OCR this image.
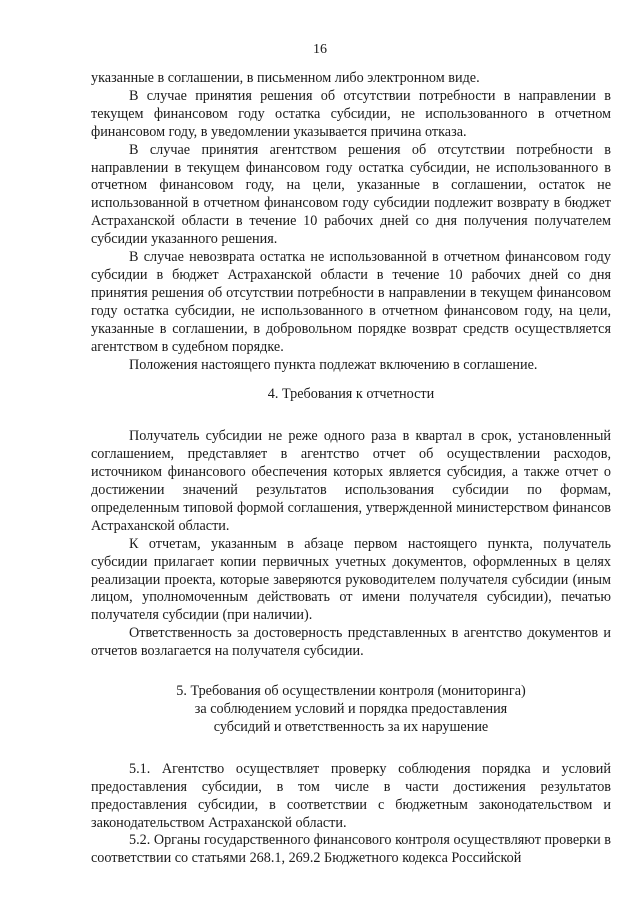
16

указанные в соглашении, в письменном либо электронном виде.

В случае принятия решения об отсутствии потребности в направлении в текущем финансовом году остатка субсидии, не использованного в отчетном финансовом году, в уведомлении указывается причина отказа.

В случае принятия агентством решения об отсутствии потребности в направлении в текущем финансовом году остатка субсидии, не использованного в отчетном финансовом году, на цели, указанные в соглашении, остаток не использованной в отчетном финансовом году субсидии подлежит возврату в бюджет Астраханской области в течение 10 рабочих дней со дня получения получателем субсидии указанного решения.

В случае невозврата остатка не использованной в отчетном финансовом году субсидии в бюджет Астраханской области в течение 10 рабочих дней со дня принятия решения об отсутствии потребности в направлении в текущем финансовом году остатка субсидии, не использованного в отчетном финансовом году, на цели, указанные в соглашении, в добровольном порядке возврат средств осуществляется агентством в судебном порядке.

Положения настоящего пункта подлежат включению в соглашение.

4. Требования к отчетности

Получатель субсидии не реже одного раза в квартал в срок, установленный соглашением, представляет в агентство отчет об осуществлении расходов, источником финансового обеспечения которых является субсидия, а также отчет о достижении значений результатов использования субсидии по формам, определенным типовой формой соглашения, утвержденной министерством финансов Астраханской области.

К отчетам, указанным в абзаце первом настоящего пункта, получатель субсидии прилагает копии первичных учетных документов, оформленных в целях реализации проекта, которые заверяются руководителем получателя субсидии (иным лицом, уполномоченным действовать от имени получателя субсидии), печатью получателя субсидии (при наличии).

Ответственность за достоверность представленных в агентство документов и отчетов возлагается на получателя субсидии.

5. Требования об осуществлении контроля (мониторинга)

за соблюдением условий и порядка предоставления

субсидий и ответственность за их нарушение

5.1. Агентство осуществляет проверку соблюдения порядка и условий предоставления субсидии, в том числе в части достижения результатов предоставления субсидии, в соответствии с бюджетным законодательством и законодательством Астраханской области.

5.2. Органы государственного финансового контроля осуществляют проверки в соответствии со статьями 268.1, 269.2 Бюджетного кодекса Российской
